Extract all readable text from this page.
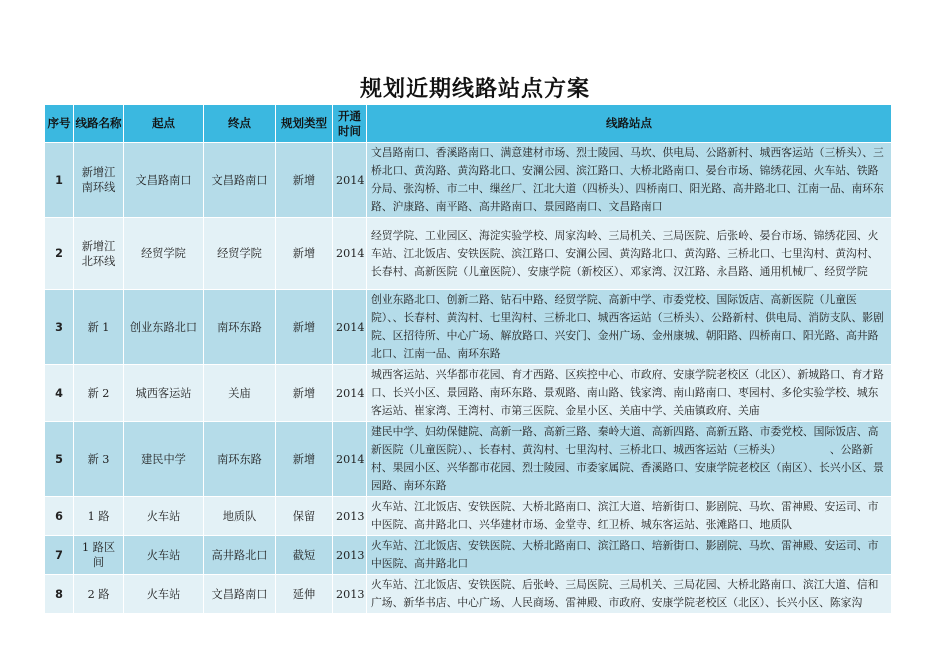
规划近期线路站点方案
序号	线路名称	起点	终点	规划类型	开通时间	线路站点
1	新增江南环线	文昌路南口	文昌路南口	新增	2014	文昌路南口、香溪路南口、满意建材市场、烈士陵园、马坎、供电局、公路新村、城西客运站（三桥头）、三桥北口、黄沟路、黄沟路北口、安澜公园、滨江路口、大桥北路南口、晏台市场、锦绣花园、火车站、铁路分局、张沟桥、市二中、缫丝厂、江北大道（四桥头）、四桥南口、阳光路、高井路北口、江南一品、南环东路、沪康路、南平路、高井路南口、景园路南口、文昌路南口
2	新增江北环线	经贸学院	经贸学院	新增	2014	经贸学院、工业园区、海淀实验学校、周家沟岭、三局机关、三局医院、后张岭、晏台市场、锦绣花园、火车站、江北饭店、安铁医院、滨江路口、安澜公园、黄沟路北口、黄沟路、三桥北口、七里沟村、黄沟村、长春村、高新医院（儿童医院）、安康学院（新校区）、邓家湾、汉江路、永昌路、通用机械厂、经贸学院
3	新 1	创业东路北口	南环东路	新增	2014	创业东路北口、创新二路、钻石中路、经贸学院、高新中学、市委党校、国际饭店、高新医院（儿童医院）、、长春村、黄沟村、七里沟村、三桥北口、城西客运站（三桥头）、公路新村、供电局、消防支队、影剧院、区招待所、中心广场、解放路口、兴安门、金州广场、金州康城、朝阳路、四桥南口、阳光路、高井路北口、江南一品、南环东路
4	新 2	城西客运站	关庙	新增	2014	城西客运站、兴华都市花园、育才西路、区疾控中心、市政府、安康学院老校区（北区）、新城路口、育才路口、长兴小区、景园路、南环东路、景观路、南山路、钱家湾、南山路南口、枣园村、多伦实验学校、城东客运站、崔家湾、王湾村、市第三医院、金星小区、关庙中学、关庙镇政府、关庙
5	新 3	建民中学	南环东路	新增	2014	建民中学、妇幼保健院、高新一路、高新三路、秦岭大道、高新四路、高新五路、市委党校、国际饭店、高新医院（儿童医院）、、长春村、黄沟村、七里沟村、三桥北口、城西客运站（三桥头）　　　　　、公路新村、果园小区、兴华都市花园、烈士陵园、市委家属院、香溪路口、安康学院老校区（南区）、长兴小区、景园路、南环东路
6	1 路	火车站	地质队	保留	2013	火车站、江北饭店、安铁医院、大桥北路南口、滨江大道、培新街口、影剧院、马坎、雷神殿、安运司、市中医院、高井路北口、兴华建材市场、金堂寺、红卫桥、城东客运站、张滩路口、地质队
7	1 路区间	火车站	高井路北口	截短	2013	火车站、江北饭店、安铁医院、大桥北路南口、滨江路口、培新街口、影剧院、马坎、雷神殿、安运司、市中医院、高井路北口
8	2 路	火车站	文昌路南口	延伸	2013	火车站、江北饭店、安铁医院、后张岭、三局医院、三局机关、三局花园、大桥北路南口、滨江大道、信和广场、新华书店、中心广场、人民商场、雷神殿、市政府、安康学院老校区（北区）、长兴小区、陈家沟
